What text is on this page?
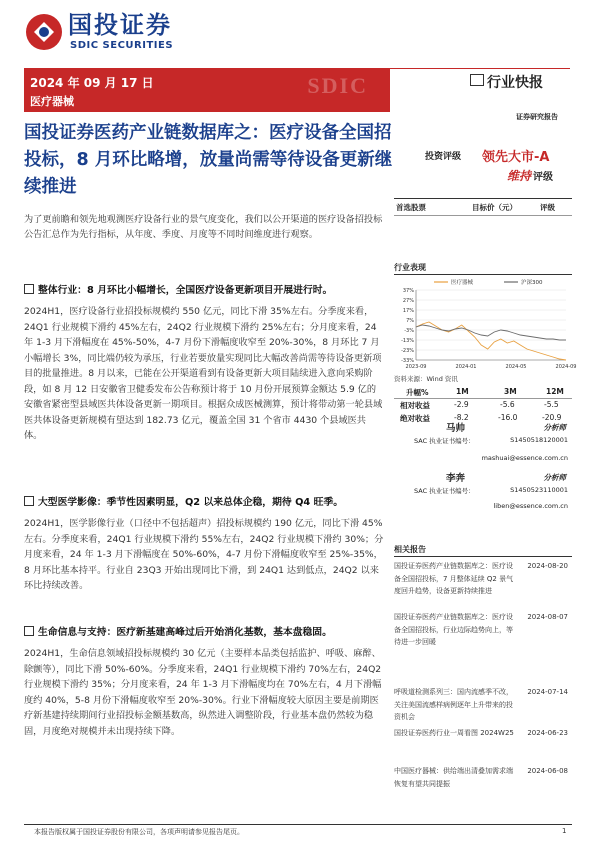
国投证券
SDIC SECURITIES
2024 年 09 月 17 日
医疗器械
SDIC	行业快报
证券研究报告
国投证券医药产业链数据库之：医疗设备全国招投标，8 月环比略增，放量尚需等待设备更新继续推进
投资评级 领先大市-A
维持 评级
首选股票	目标价（元）	评级
为了更前瞻和领先地观测医疗设备行业的景气度变化，我们以公开渠道的医疗设备招投标公告汇总作为先行指标，从年度、季度、月度等不同时间维度进行观察。
整体行业：8 月环比小幅增长，全国医疗设备更新项目开展进行时。
2024H1，医疗设备行业招投标规模约 550 亿元，同比下滑 35%左右。分季度来看，24Q1 行业规模下滑约 45%左右，24Q2 行业规模下滑约 25%左右；分月度来看，24 年 1-3 月下滑幅度在 45%-50%，4-7 月份下滑幅度收窄至 20%-30%，8 月环比 7 月小幅增长 3%，同比端仍较为承压，行业若要放量实现同比大幅改善尚需等待设备更新项目的批量推进。8 月以来，已能在公开渠道看到有设备更新大项目陆续进入意向采购阶段，如 8 月 12 日安徽省卫健委发布公告称预计将于 10 月份开展预算金额达 5.9 亿的安徽省紧密型县域医共体设备更新一期项目。根据众成医械测算，预计将带动第一轮县域医共体设备更新规模有望达到 182.73 亿元，覆盖全国 31 个省市 4430 个县域医共体。
大型医学影像：季节性因素明显，Q2 以来总体企稳，期待 Q4 旺季。
2024H1，医学影像行业（口径中不包括超声）招投标规模约 190 亿元，同比下滑 45%左右。分季度来看，24Q1 行业规模下滑约 55%左右，24Q2 行业规模下滑约 30%；分月度来看，24 年 1-3 月下滑幅度在 50%-60%，4-7 月份下滑幅度收窄至 25%-35%，8 月环比基本持平。行业自 23Q3 开始出现同比下滑，到 24Q1 达到低点，24Q2 以来环比持续改善。
生命信息与支持：医疗新基建高峰过后开始消化基数，基本盘稳固。
2024H1，生命信息领域招投标规模约 30 亿元（主要样本品类包括监护、呼吸、麻醉、除颤等），同比下滑 50%-60%。分季度来看，24Q1 行业规模下滑约 70%左右，24Q2 行业规模下滑约 35%；分月度来看，24 年 1-3 月下滑幅度均在 70%左右，4 月下滑幅度约 40%，5-8 月份下滑幅度收窄至 20%-30%。行业下滑幅度较大原因主要是前期医疗新基建持续期间行业招投标金额基数高，纵然进入调整阶段，行业基本盘仍然较为稳固，月度绝对规模并未出现持续下降。
行业表现
37%
27%
17%
7%
-3%
-13%
-23%
-33%
2023-09	2024-01	2024-05	2024-09
医疗器械	沪深300
资料来源：Wind 资讯
升幅%	1M	3M	12M
相对收益	-2.9	-5.6	-5.5
绝对收益	-8.2	-16.0	-20.9
马帅	分析师
SAC 执业证书编号：	S1450518120001
mashuai@essence.com.cn
李奔	分析师
SAC 执业证书编号：	S1450523110001
liben@essence.com.cn
相关报告
国投证券医药产业链数据库之：医疗设备全国招投标，7 月整体延续 Q2 景气度回升趋势，设备更新持续推进
2024-08-20
国投证券医药产业链数据库之：医疗设备全国招投标，行业边际趋势向上，等待进一步回暖
2024-08-07
呼吸道检测系列三：国内流感季不改，关注美国流感样病例逐年上升带来的投资机会
2024-07-14
国投证券医药行业一周看图 2024W25 2024-06-23
中国医疗器械：供给端出清叠加需求端恢复有望共同提振
2024-06-08
本报告版权属于国投证券股份有限公司，各项声明请参见报告尾页。	1
